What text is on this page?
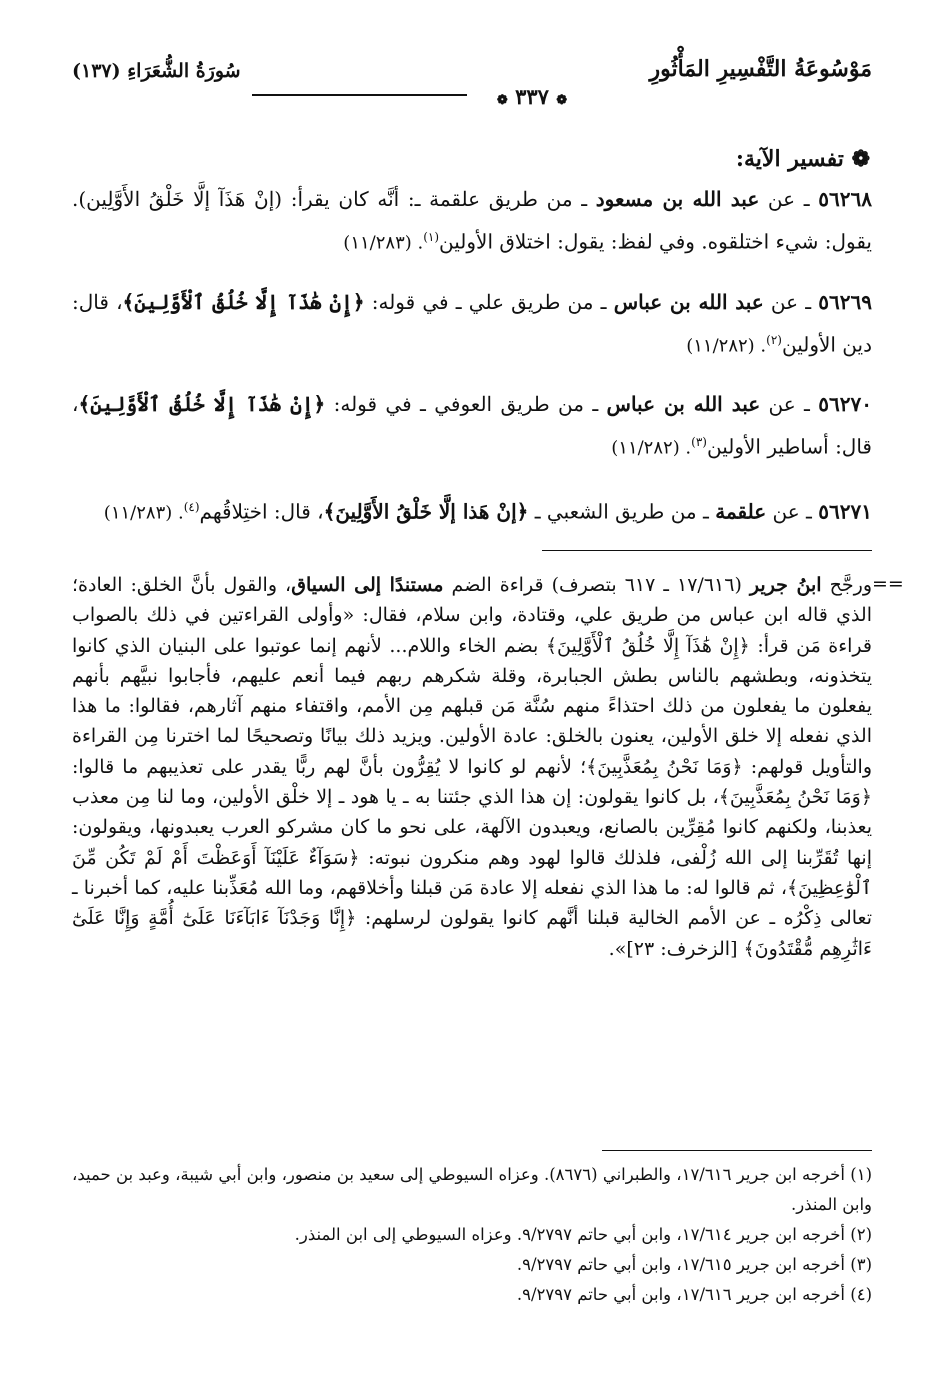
سُورَةُ الشُّعَرَاءِ (١٣٧)	مَوْسُوعَةُ التَّفْسِيرِ المَأْثُورِ
❁ ٣٣٧ ❁
❁ تفسير الآية:

٥٦٢٦٨ ـ عن عبد الله بن مسعود ـ من طريق علقمة ـ: أنَّه كان يقرأ: (إنْ هَذَآ إلَّا خَلْقُ الأَوَّلِين). يقول: شيء اختلقوه. وفي لفظ: يقول: اختلاق الأولين$^{(١)}$. (١١/٢٨٣)

٥٦٢٦٩ ـ عن عبد الله بن عباس ـ من طريق علي ـ في قوله: ﴿إِنْ هَٰذَآ إِلَّا خُلُقُ ٱلْأَوَّلِينَ﴾، قال: دين الأولين$^{(٢)}$. (١١/٢٨٢)

٥٦٢٧٠ ـ عن عبد الله بن عباس ـ من طريق العوفي ـ في قوله: ﴿إِنْ هَٰذَآ إِلَّا خُلُقُ ٱلْأَوَّلِينَ﴾، قال: أساطير الأولين$^{(٣)}$. (١١/٢٨٢)

٥٦٢٧١ ـ عن علقمة ـ من طريق الشعبي ـ ﴿إنْ هَذا إلَّا خَلْقُ الأَوَّلِينَ﴾، قال: اختِلاقُهم$^{(٤)}$. (١١/٢٨٣)

==

ورجَّح ابنُ جرير (١٧/٦١٦ ـ ٦١٧ بتصرف) قراءة الضم مستندًا إلى السياق، والقول بأنَّ الخلق: العادة؛ الذي قاله ابن عباس من طريق علي، وقتادة، وابن سلام، فقال: «وأولى القراءتين في ذلك بالصواب قراءة مَن قرأ: ﴿إِنْ هَٰذَآ إِلَّا خُلُقُ ٱلْأَوَّلِينَ﴾ بضم الخاء واللام... لأنهم إنما عوتبوا على البنيان الذي كانوا يتخذونه، وبطشهم بالناس بطش الجبابرة، وقلة شكرهم ربهم فيما أنعم عليهم، فأجابوا نبيَّهم بأنهم يفعلون ما يفعلون من ذلك احتذاءً منهم سُنَّة مَن قبلهم مِن الأمم، واقتفاء منهم آثارهم، فقالوا: ما هذا الذي نفعله إلا خلق الأولين، يعنون بالخلق: عادة الأولين. ويزيد ذلك بيانًا وتصحيحًا لما اخترنا مِن القراءة والتأويل قولهم: ﴿وَمَا نَحْنُ بِمُعَذَّبِينَ﴾؛ لأنهم لو كانوا لا يُقِرُّون بأنَّ لهم ربًّا يقدر على تعذيبهم ما قالوا: ﴿وَمَا نَحْنُ بِمُعَذَّبِينَ﴾، بل كانوا يقولون: إن هذا الذي جئتنا به ـ يا هود ـ إلا خلْق الأولين، وما لنا مِن معذب يعذبنا، ولكنهم كانوا مُقِرِّين بالصانع، ويعبدون الآلهة، على نحو ما كان مشركو العرب يعبدونها، ويقولون: إنها تُقَرِّبنا إلى الله زُلْفى، فلذلك قالوا لهود وهم منكرون نبوته: ﴿سَوَآءٌ عَلَيْنَآ أَوَعَظْتَ أَمْ لَمْ تَكُن مِّنَ ٱلْوَٰعِظِينَ﴾، ثم قالوا له: ما هذا الذي نفعله إلا عادة مَن قبلنا وأخلاقهم، وما الله مُعَذِّبنا عليه، كما أخبرنا ـ تعالى ذِكْرُه ـ عن الأمم الخالية قبلنا أنَّهم كانوا يقولون لرسلهم: ﴿إِنَّا وَجَدْنَآ ءَابَآءَنَا عَلَىٰٓ أُمَّةٍ وَإِنَّا عَلَىٰٓ ءَاثَٰرِهِم مُّقْتَدُونَ﴾ [الزخرف: ٢٣]».

(١) أخرجه ابن جرير ١٧/٦١٦، والطبراني (٨٦٧٦). وعزاه السيوطي إلى سعيد بن منصور، وابن أبي شيبة، وعبد بن حميد، وابن المنذر.

(٢) أخرجه ابن جرير ١٧/٦١٤، وابن أبي حاتم ٩/٢٧٩٧. وعزاه السيوطي إلى ابن المنذر.

(٣) أخرجه ابن جرير ١٧/٦١٥، وابن أبي حاتم ٩/٢٧٩٧.

(٤) أخرجه ابن جرير ١٧/٦١٦، وابن أبي حاتم ٩/٢٧٩٧.
